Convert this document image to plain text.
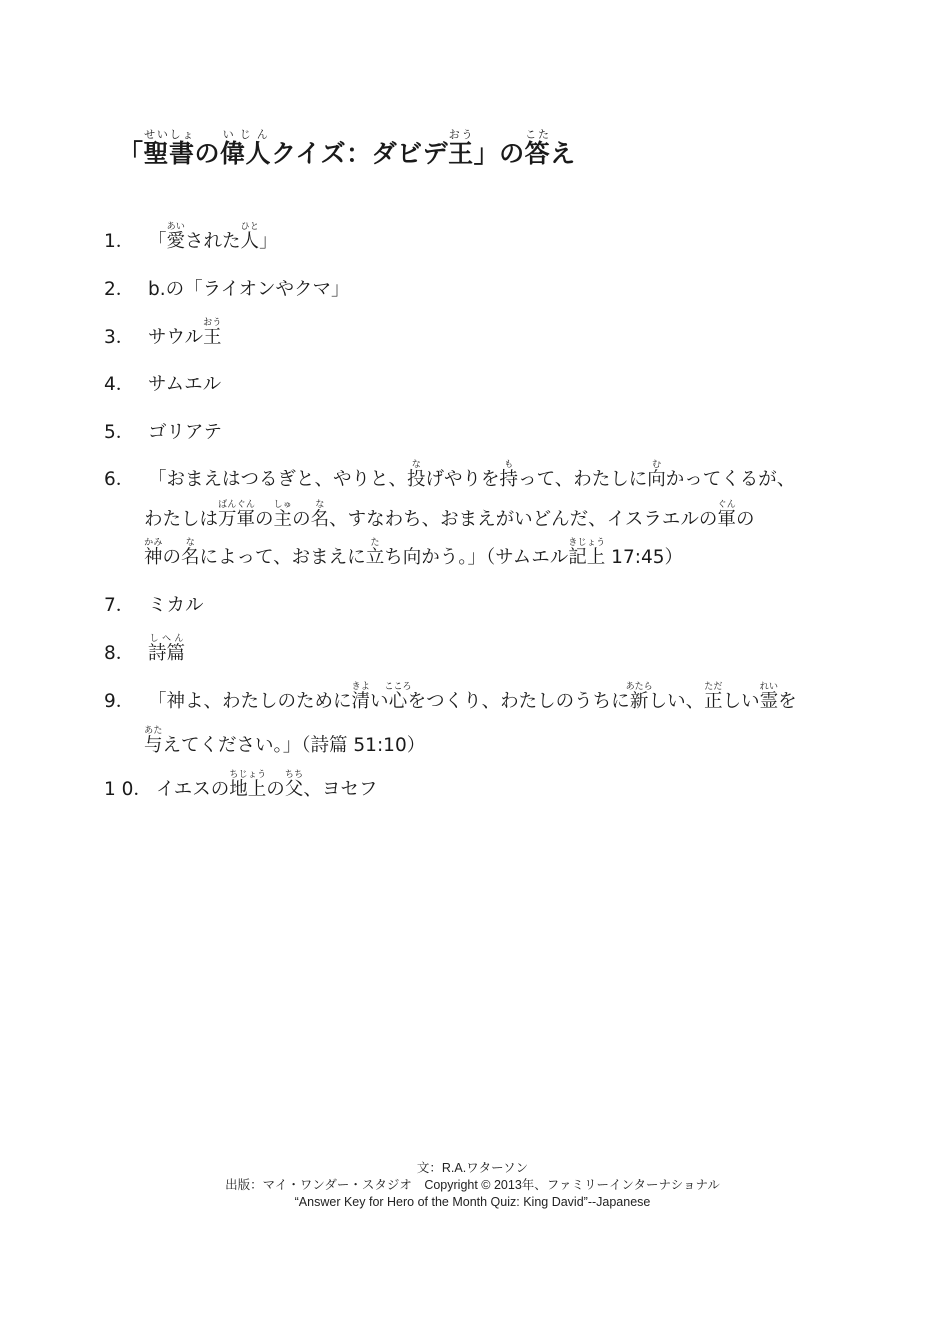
「聖書せいしょの偉人いじんクイズ：ダビデ王おう」の答こたえ
1． 「愛あいされた人ひと」
2． b.の「ライオンやクマ」
3． サウル王おう
4． サムエル
5． ゴリアテ
6． 「おまえはつるぎと、やりと、投なげやりを持もって、わたしに向むかってくるが、
わたしは万軍ばんぐんの主しゅの名な、すなわち、おまえがいどんだ、イスラエルの軍ぐんの
神かみの名なによって、おまえに立たち向かう。」（サムエル記上きじょう 17:45）
7． ミカル
8． 詩篇しへん
9． 「神よ、わたしのために清きよい心こころをつくり、わたしのうちに新あたらしい、正ただしい霊れいを
与あたえてください。」（詩篇 51:10）
1 0． イエスの地上ちじょうの父ちち、ヨセフ
文：R.A.ワターソン
出版：マイ・ワンダー・スタジオ　Copyright © 2013年、ファミリーインターナショナル
“Answer Key for Hero of the Month Quiz: King David”--Japanese
